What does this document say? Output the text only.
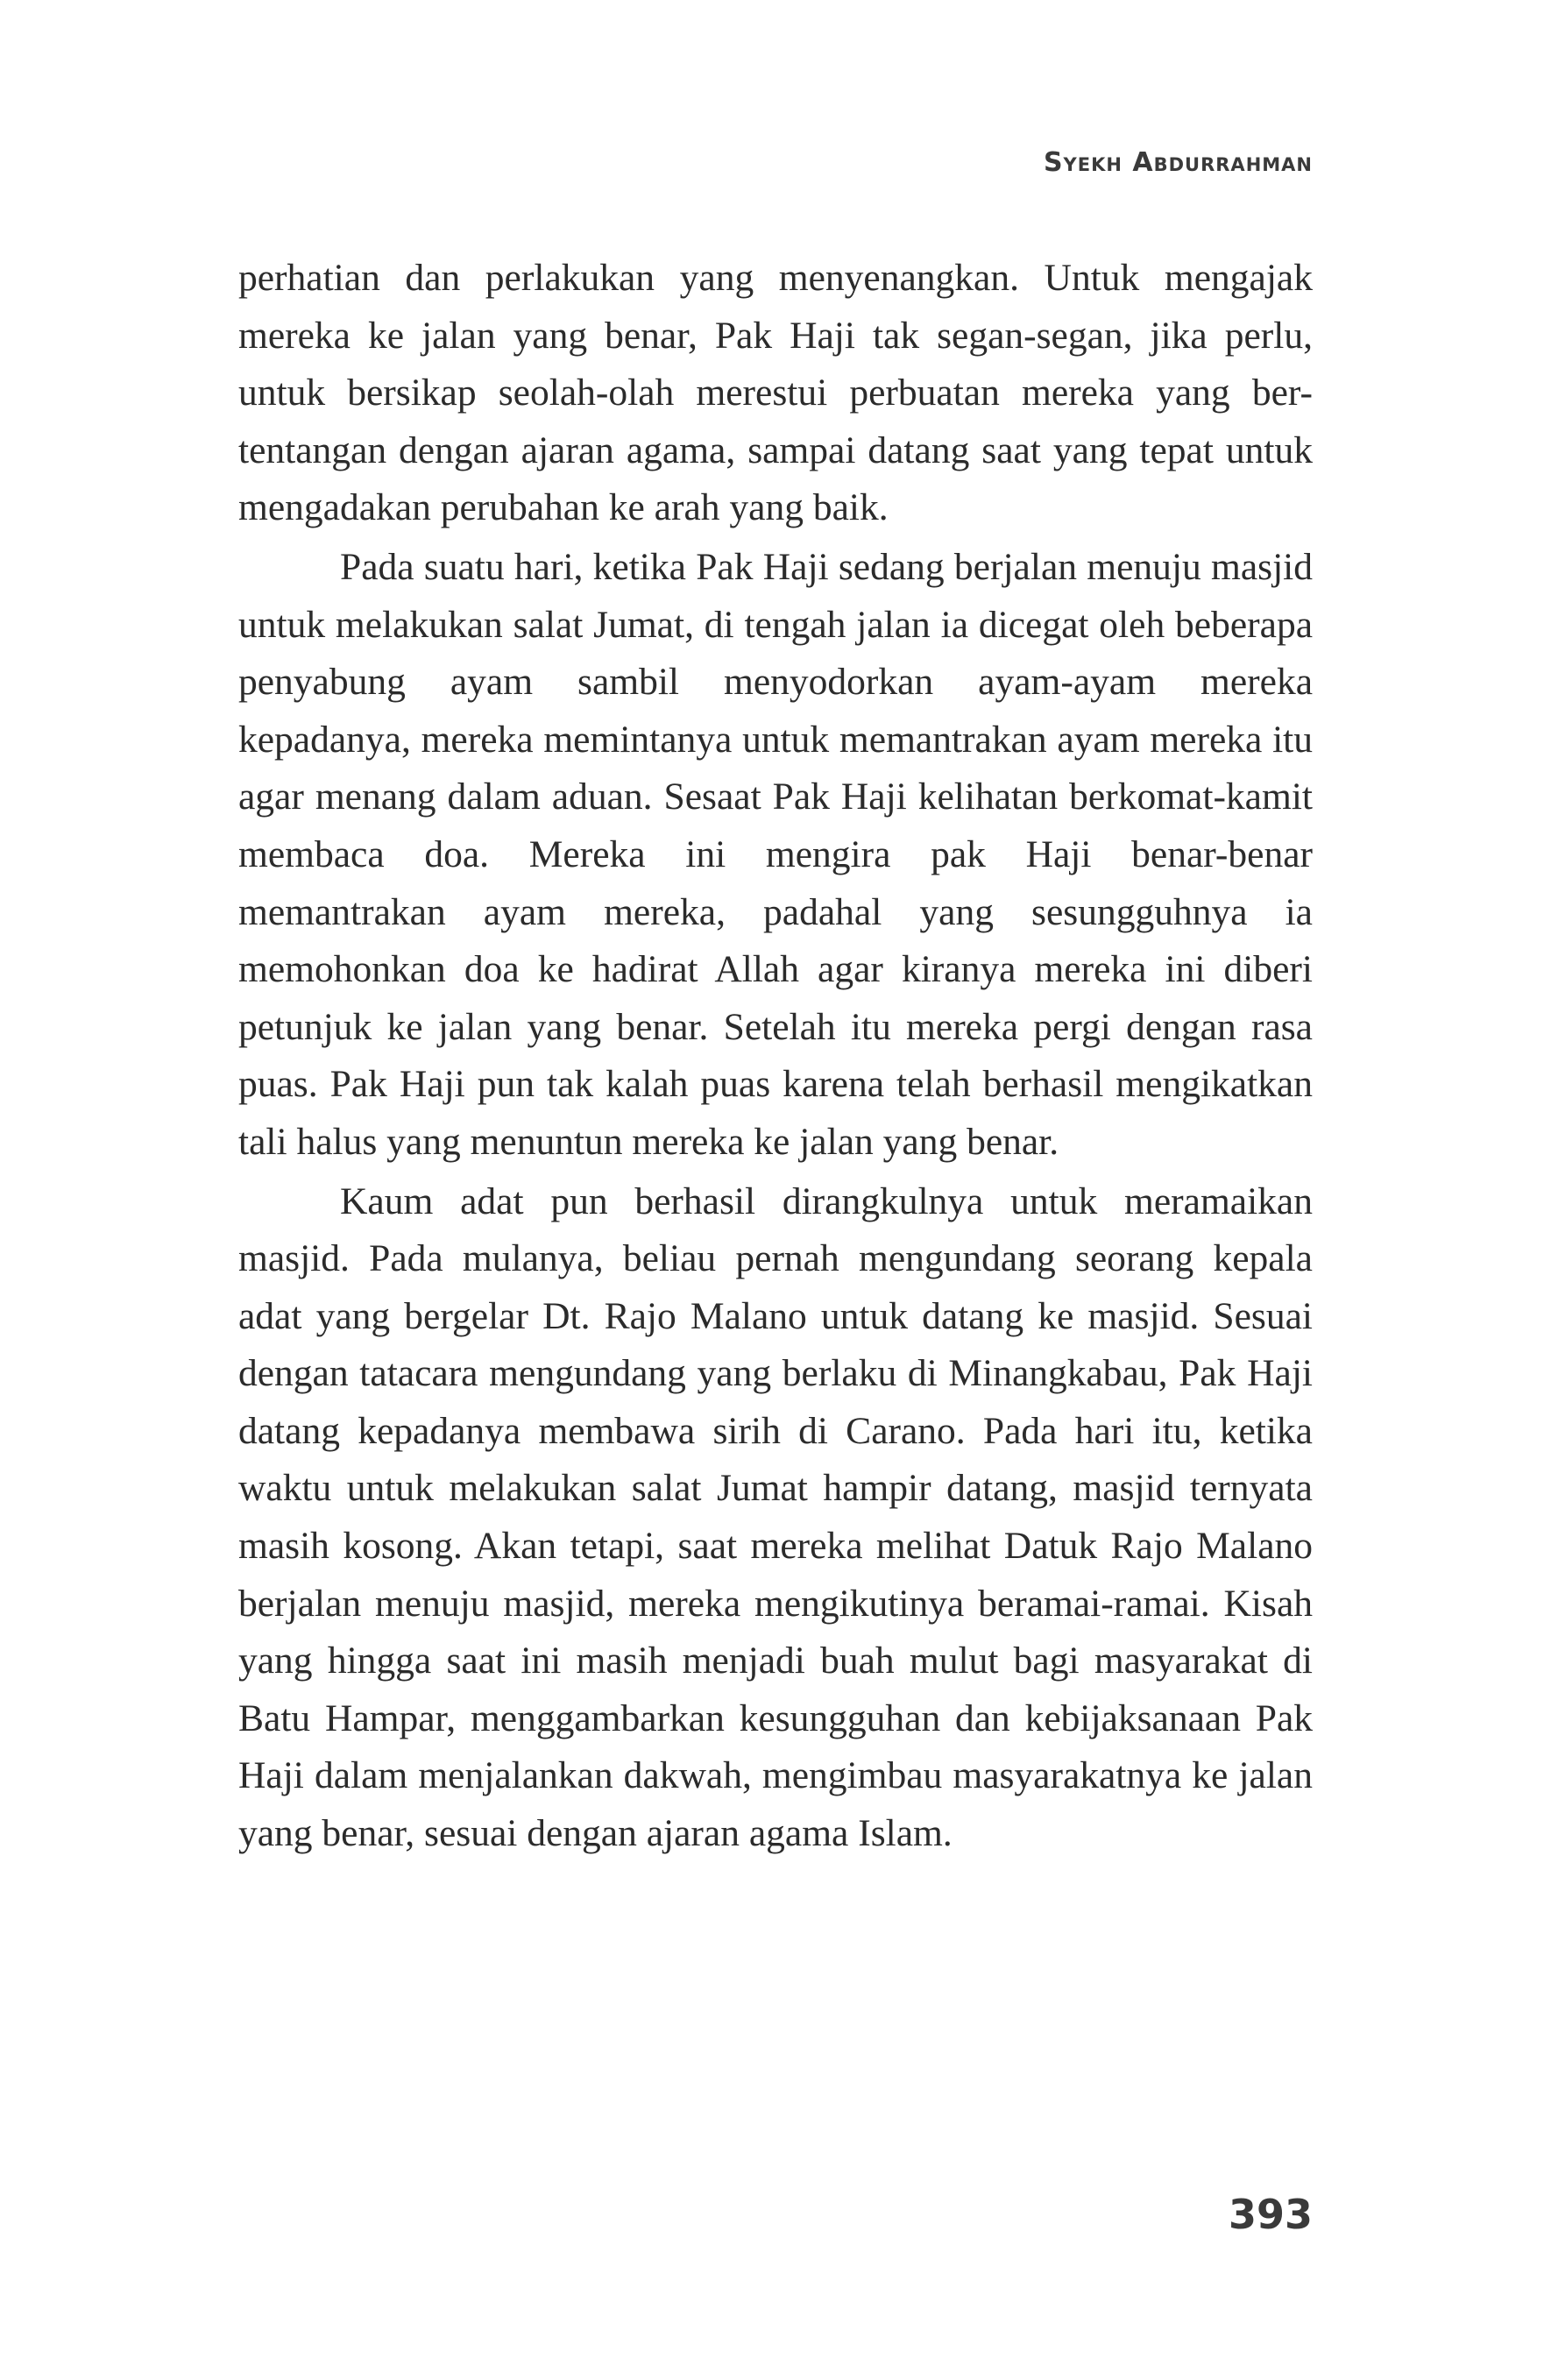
Syekh Abdurrahman

perhatian dan perlakukan yang menyenangkan. Untuk mengajak mereka ke jalan yang benar, Pak Haji tak segan-segan, jika perlu, untuk bersikap seolah-olah merestui perbuatan mereka yang ber-tentangan dengan ajaran agama, sampai datang saat yang tepat untuk mengadakan perubahan ke arah yang baik.

Pada suatu hari, ketika Pak Haji sedang berjalan menuju masjid untuk melakukan salat Jumat, di tengah jalan ia dicegat oleh beberapa penyabung ayam sambil menyodorkan ayam-ayam mereka kepadanya, mereka memintanya untuk memantrakan ayam mereka itu agar menang dalam aduan. Sesaat Pak Haji kelihatan berkomat-kamit membaca doa. Mereka ini mengira pak Haji benar-benar memantrakan ayam mereka, padahal yang sesungguhnya ia memohonkan doa ke hadirat Allah agar kiranya mereka ini diberi petunjuk ke jalan yang benar. Setelah itu mereka pergi dengan rasa puas. Pak Haji pun tak kalah puas karena telah berhasil mengikatkan tali halus yang menuntun mereka ke jalan yang benar.

Kaum adat pun berhasil dirangkulnya untuk meramaikan masjid. Pada mulanya, beliau pernah mengundang seorang kepala adat yang bergelar Dt. Rajo Malano untuk datang ke masjid. Sesuai dengan tatacara mengundang yang berlaku di Minangkabau, Pak Haji datang kepadanya membawa sirih di Carano. Pada hari itu, ketika waktu untuk melakukan salat Jumat hampir datang, masjid ternyata masih kosong. Akan tetapi, saat mereka melihat Datuk Rajo Malano berjalan menuju masjid, mereka mengikutinya beramai-ramai. Kisah yang hingga saat ini masih menjadi buah mulut bagi masyarakat di Batu Hampar, menggambarkan kesungguhan dan kebijaksanaan Pak Haji dalam menjalankan dakwah, mengimbau masyarakatnya ke jalan yang benar, sesuai dengan ajaran agama Islam.

393
